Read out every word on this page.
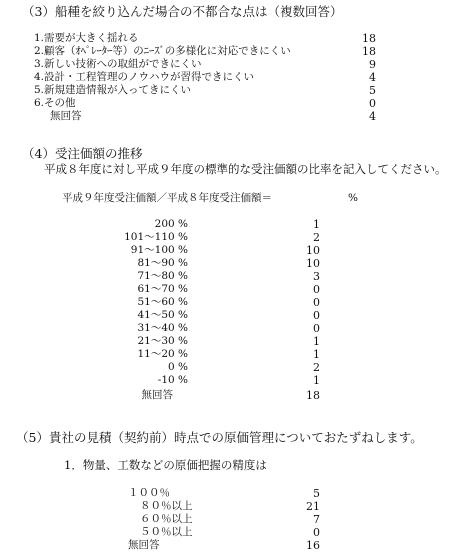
（3）船種を絞り込んだ場合の不都合な点は（複数回答）
1.需要が大きく揺れる	18
2.顧客（ｵﾍﾟﾚｰﾀｰ等）のﾆｰｽﾞの多様化に対応できにくい	18
3.新しい技術への取組ができにくい	9
4.設計・工程管理のノウハウが習得できにくい	4
5.新規建造情報が入ってきにくい	5
6.その他	0
無回答	4
（4）受注価額の推移
平成８年度に対し平成９年度の標準的な受注価額の比率を記入してください。
平成９年度受注価額／平成８年度受注価額＝	%
200 %	1
101～110 %	2
91～100 %	10
81～90 %	10
71～80 %	3
61～70 %	0
51～60 %	0
41～50 %	0
31～40 %	0
21～30 %	1
11～20 %	1
0 %	2
-10 %	1
無回答	18
（5）貴社の見積（契約前）時点での原価管理についておたずねします。
1．物量、工数などの原価把握の精度は
１００％	5
８０％以上	21
６０％以上	7
５０％以上	0
無回答	16
